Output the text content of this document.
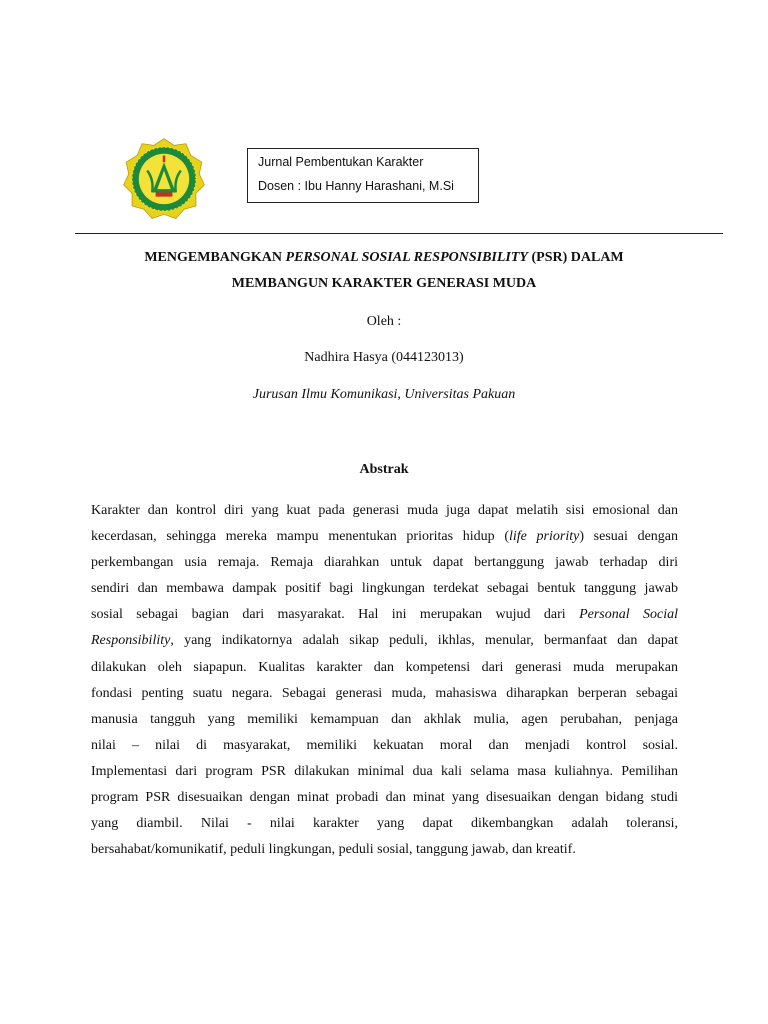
Jurnal Pembentukan Karakter
Dosen : Ibu Hanny Harashani, M.Si
MENGEMBANGKAN PERSONAL SOSIAL RESPONSIBILITY (PSR) DALAM
MEMBANGUN KARAKTER GENERASI MUDA
Oleh :
Nadhira Hasya (044123013)
Jurusan Ilmu Komunikasi, Universitas Pakuan
Abstrak
Karakter dan kontrol diri yang kuat pada generasi muda juga dapat melatih sisi emosional dan
kecerdasan, sehingga mereka mampu menentukan prioritas hidup (life priority) sesuai dengan
perkembangan usia remaja. Remaja diarahkan untuk dapat bertanggung jawab terhadap diri
sendiri dan membawa dampak positif bagi lingkungan terdekat sebagai bentuk tanggung jawab
sosial sebagai bagian dari masyarakat. Hal ini merupakan wujud dari Personal Social
Responsibility, yang indikatornya adalah sikap peduli, ikhlas, menular, bermanfaat dan dapat
dilakukan oleh siapapun. Kualitas karakter dan kompetensi dari generasi muda merupakan
fondasi penting suatu negara. Sebagai generasi muda, mahasiswa diharapkan berperan sebagai
manusia tangguh yang memiliki kemampuan dan akhlak mulia, agen perubahan, penjaga
nilai – nilai di masyarakat, memiliki kekuatan moral dan menjadi kontrol sosial.
Implementasi dari program PSR dilakukan minimal dua kali selama masa kuliahnya. Pemilihan
program PSR disesuaikan dengan minat probadi dan minat yang disesuaikan dengan bidang studi
yang diambil. Nilai - nilai karakter yang dapat dikembangkan adalah toleransi,
bersahabat/komunikatif, peduli lingkungan, peduli sosial, tanggung jawab, dan kreatif.
